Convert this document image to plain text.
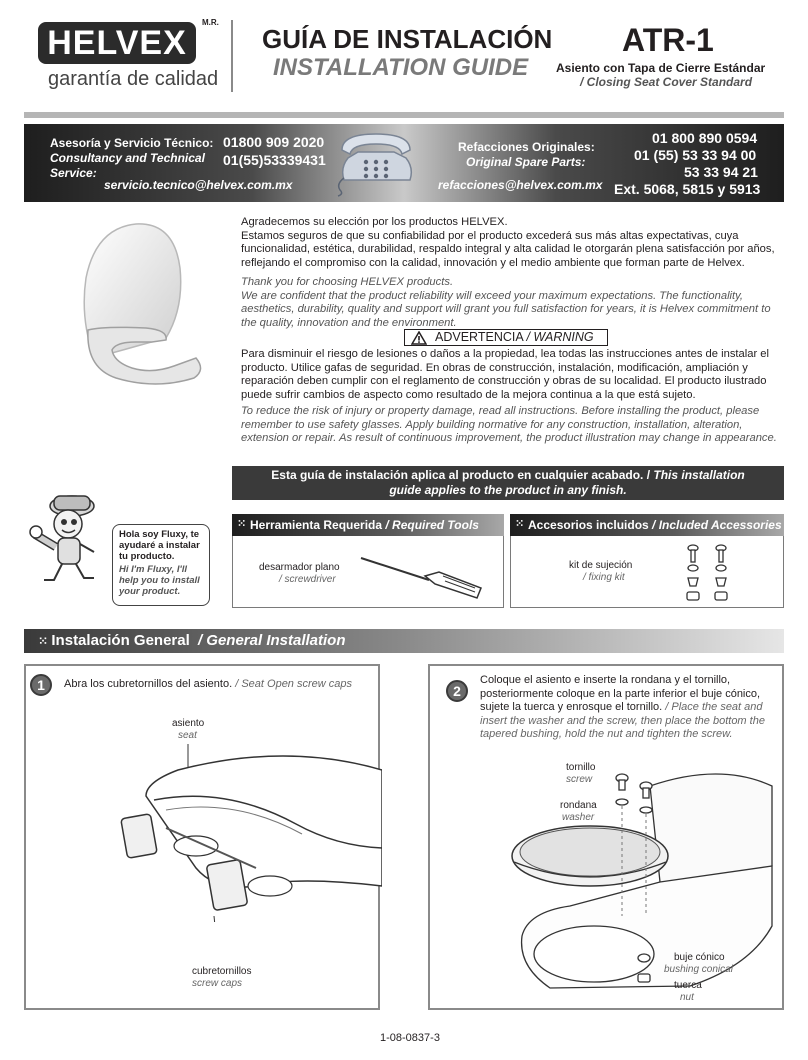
HELVEX
M.R.
garantía de calidad
GUÍA DE INSTALACIÓN
INSTALLATION GUIDE
ATR-1
Asiento con Tapa de Cierre Estándar
/ Closing Seat Cover Standard
Asesoría y Servicio Técnico:
Consultancy and Technical
Service:
01800 909 2020
01(55)53339431
servicio.tecnico@helvex.com.mx
Refacciones Originales:
Original Spare Parts:
refacciones@helvex.com.mx
01 800 890 0594
01 (55) 53 33 94 00
53 33 94 21
Ext. 5068, 5815 y 5913
Agradecemos su elección por los productos HELVEX.
Estamos seguros de que su confiabilidad por el producto excederá sus más altas expectativas, cuya funcionalidad, estética, durabilidad, respaldo integral y alta calidad le otorgarán plena satisfacción por años, reflejando el compromiso con la calidad, innovación y el medio ambiente que forman parte de Helvex.
Thank you for choosing HELVEX products.
We are confident that the product reliability will exceed your maximum expectations. The functionality, aesthetics, durability, quality and support will grant you full satisfaction for years, it is Helvex commitment to the quality, innovation and the environment.
ADVERTENCIA / WARNING
Para disminuir el riesgo de lesiones o daños a la propiedad, lea todas las instrucciones antes de instalar el producto. Utilice gafas de seguridad. En obras de construcción, instalación, modificación, ampliación y reparación deben cumplir con el reglamento de construcción y obras de su localidad. El producto ilustrado puede sufrir cambios de aspecto como resultado de la mejora continua a la que está sujeto.
To reduce the risk of injury or property damage, read all instructions. Before installing the product, please remember to use safety glasses. Apply building normative for any construction, installation, alteration, extension or repair. As result of continuous improvement, the product illustration may change in appearance.
Esta guía de instalación aplica al producto en cualquier acabado. / This installation
guide applies to the product in any finish.
Hola soy Fluxy, te ayudaré a instalar tu producto.
Hi I'm Fluxy, I'll help you to install your product.
⁙ Herramienta Requerida / Required Tools
desarmador plano
/ screwdriver
⁙ Accesorios incluidos / Included Accessories
kit de sujeción
/ fixing kit
⁙ Instalación General / General Installation
1	Abra los cubretornillos del asiento. / Seat Open screw caps
asiento
seat
cubretornillos
screw caps
2
Coloque el asiento e inserte la rondana y el tornillo, posteriormente coloque en la parte inferior el buje cónico, sujete la tuerca y enrosque el tornillo. / Place the seat and insert the washer and the screw, then place the bottom the tapered bushing, hold the nut and tighten the screw.
tornillo
screw
rondana
washer
buje cónico
bushing conical
tuerca
nut
1-08-0837-3
